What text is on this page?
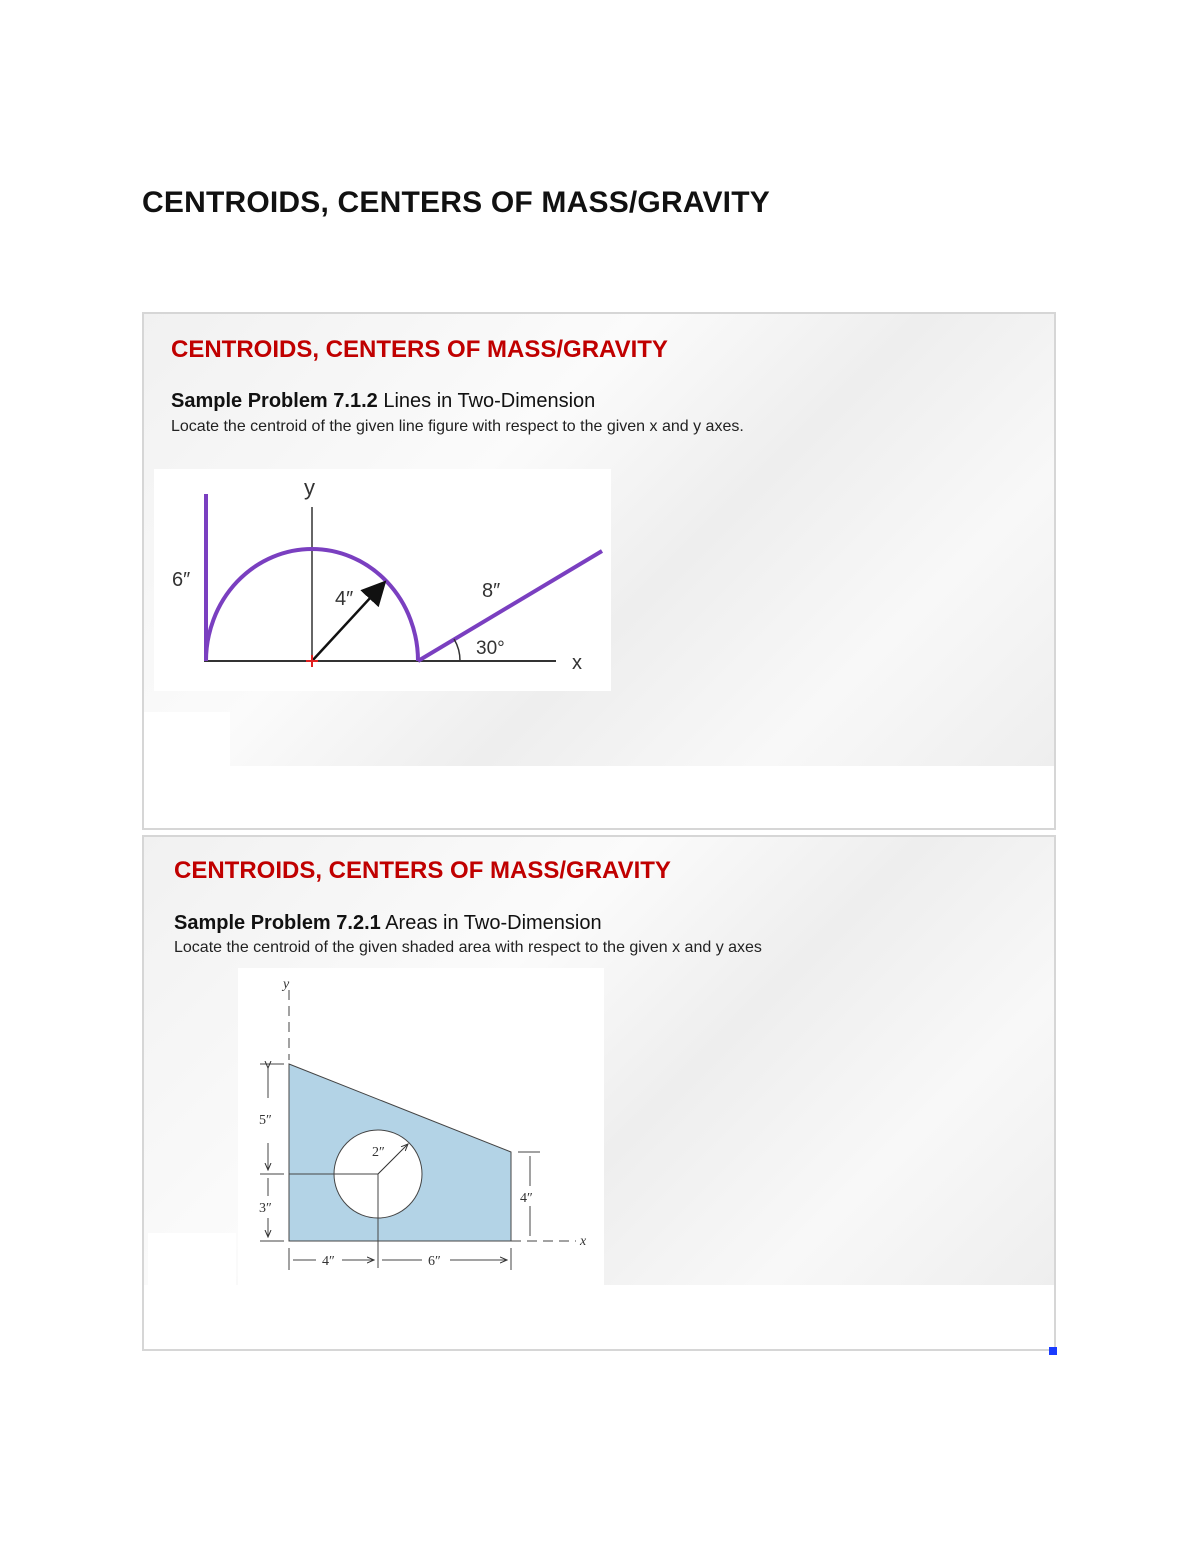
CENTROIDS, CENTERS OF MASS/GRAVITY
CENTROIDS, CENTERS OF MASS/GRAVITY

Sample Problem 7.1.2 Lines in Two-Dimension

Locate the centroid of the given line figure with respect to the given x and y axes.

y
x
6″
4″	8″
30°
CENTROIDS, CENTERS OF MASS/GRAVITY

Sample Problem 7.2.1 Areas in Two-Dimension

Locate the centroid of the given shaded area with respect to the given x and y axes

y
2″
x
5″
3″
4″
4″	6″
